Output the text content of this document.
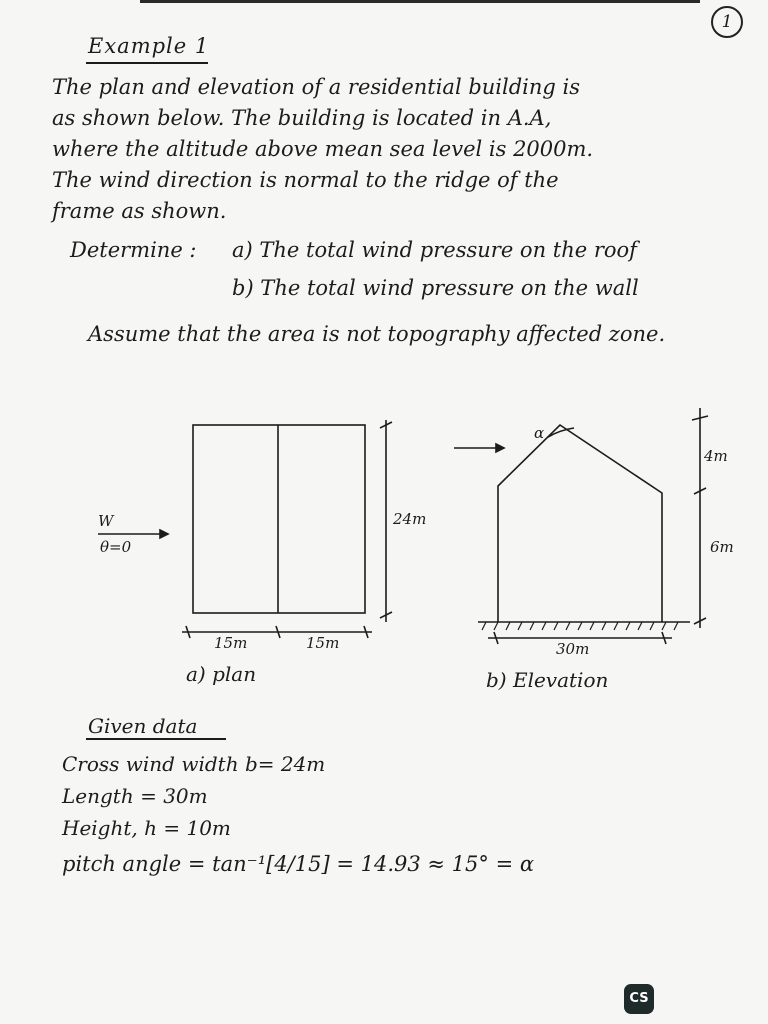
1
Example 1
The plan and elevation of a residential building is
as shown below. The building is located in A.A,
where the altitude above mean sea level is 2000m.
The wind direction is normal to the ridge of the
frame as shown.
Determine : a) The total wind pressure on the roof
b) The total wind pressure on the wall
Assume that the area is not topography affected zone.
W
θ=0
24m
15m	15m
a) plan
α
4m
6m
30m
b) Elevation
Given data
Cross wind width b= 24m
Length = 30m
Height, h = 10m
pitch angle = tan⁻¹[4/15] = 14.93 ≈ 15° = α
CS
